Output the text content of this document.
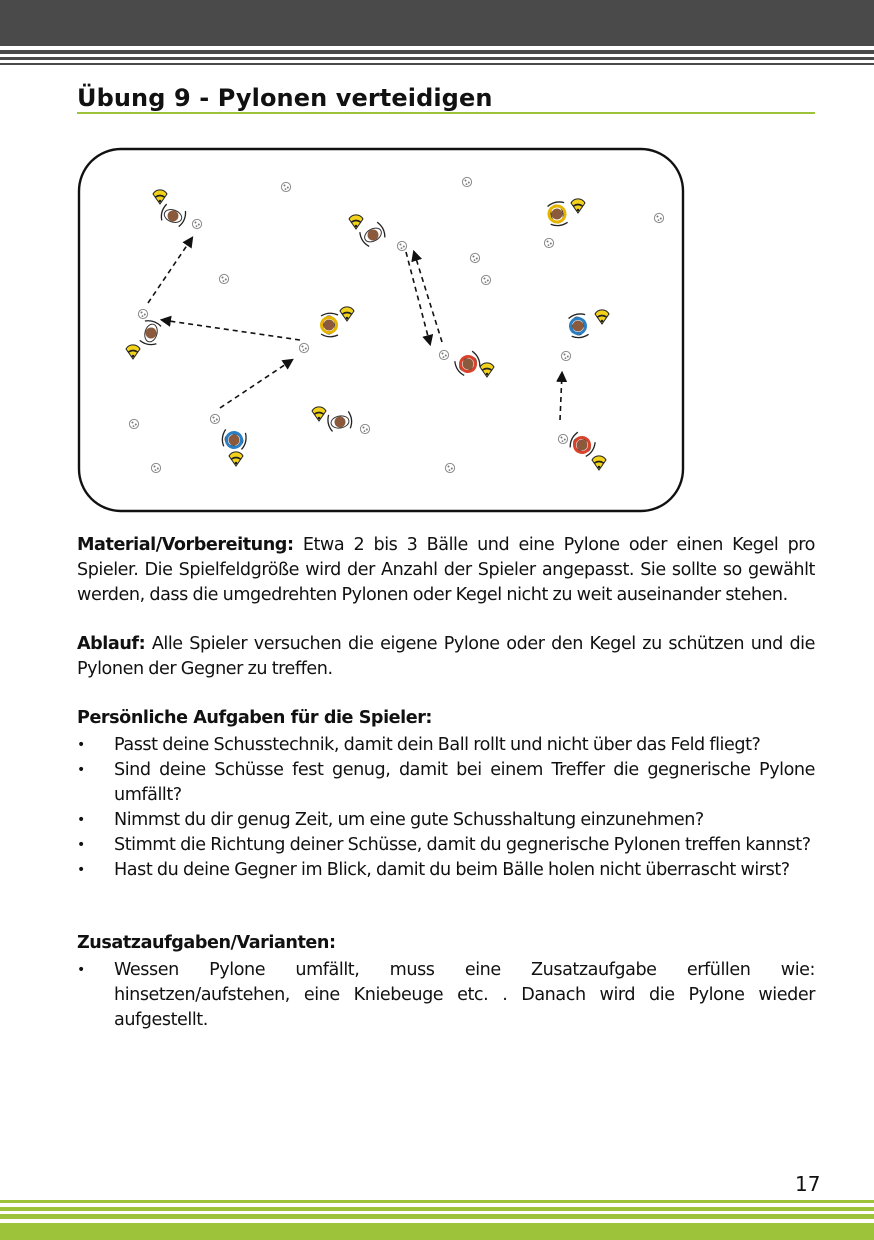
Übung 9 - Pylonen verteidigen

Material/Vorbereitung: Etwa 2 bis 3 Bälle und eine Pylone oder einen Kegel pro Spieler. Die Spielfeldgröße wird der Anzahl der Spieler angepasst. Sie sollte so gewählt werden, dass die umgedrehten Pylonen oder Kegel nicht zu weit auseinander stehen.

Ablauf: Alle Spieler versuchen die eigene Pylone oder den Kegel zu schützen und die Pylonen der Gegner zu treffen.

Persönliche Aufgaben für die Spieler:

• Passt deine Schusstechnik, damit dein Ball rollt und nicht über das Feld fliegt?
• Sind deine Schüsse fest genug, damit bei einem Treffer die gegnerische Pylone umfällt?
• Nimmst du dir genug Zeit, um eine gute Schusshaltung einzunehmen?
• Stimmt die Richtung deiner Schüsse, damit du gegnerische Pylonen treffen kannst?
• Hast du deine Gegner im Blick, damit du beim Bälle holen nicht überrascht wirst?

Zusatzaufgaben/Varianten:

• Wessen Pylone umfällt, muss eine Zusatzaufgabe erfüllen wie: hinsetzen/aufstehen, eine Kniebeuge etc. . Danach wird die Pylone wieder aufgestellt.
17
